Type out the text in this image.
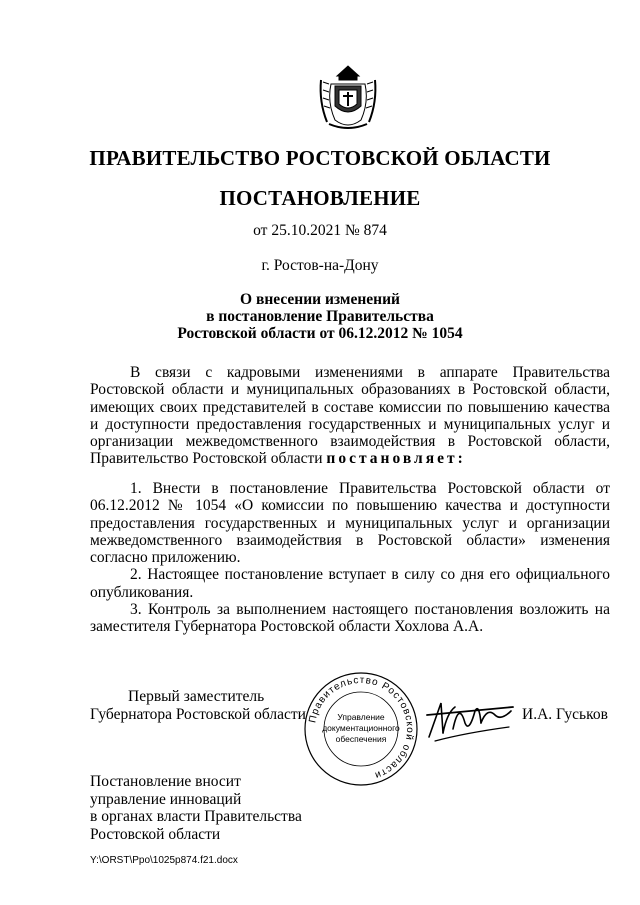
ПРАВИТЕЛЬСТВО РОСТОВСКОЙ ОБЛАСТИ
ПОСТАНОВЛЕНИЕ
от 25.10.2021 № 874
г. Ростов-на-Дону
О внесении изменений
в постановление Правительства
Ростовской области от 06.12.2012 № 1054

В связи с кадровыми изменениями в аппарате Правительства Ростовской области и муниципальных образованиях в Ростовской области, имеющих своих представителей в составе комиссии по повышению качества и доступности предоставления государственных и муниципальных услуг и организации межведомственного взаимодействия в Ростовской области, Правительство Ростовской области постановляет:

1. Внести в постановление Правительства Ростовской области от 06.12.2012 № 1054 «О комиссии по повышению качества и доступности предоставления государственных и муниципальных услуг и организации межведомственного взаимодействия в Ростовской области» изменения согласно приложению.

2. Настоящее постановление вступает в силу со дня его официального опубликования.

3. Контроль за выполнением настоящего постановления возложить на заместителя Губернатора Ростовской области Хохлова А.А.

Первый заместитель
Губернатора Ростовской области Правительство Ростовской области
Управление
документационного
обеспечения
И.А. Гуськов
Постановление вносит
управление инноваций
в органах власти Правительства
Ростовской области
Y:\ORST\Ppo\1025p874.f21.docx
